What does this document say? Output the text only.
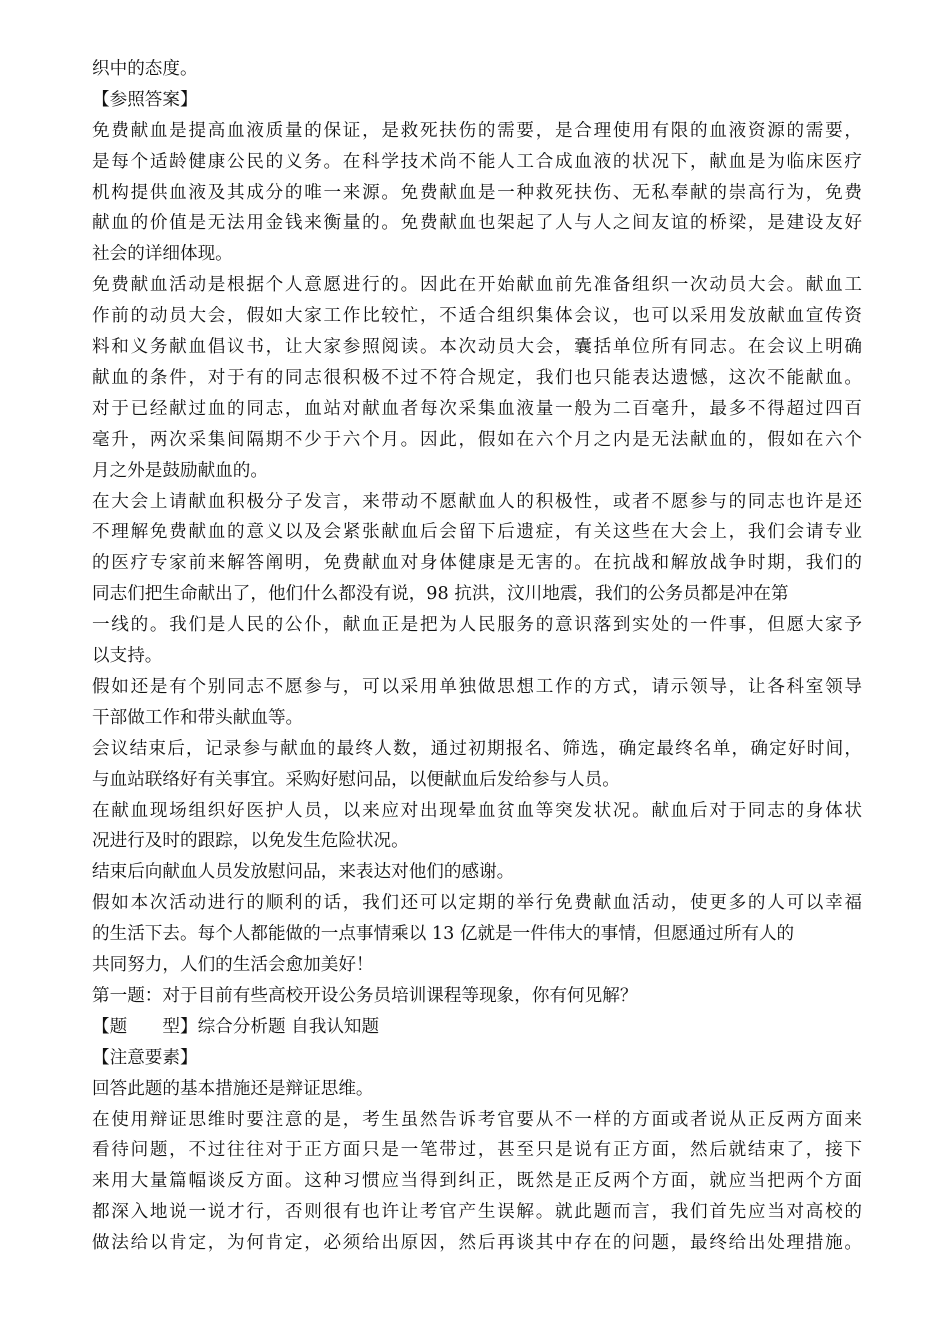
织中的态度。
【参照答案】
免费献血是提高血液质量的保证，是救死扶伤的需要，是合理使用有限的血液资源的需要，
是每个适龄健康公民的义务。在科学技术尚不能人工合成血液的状况下，献血是为临床医疗
机构提供血液及其成分的唯一来源。免费献血是一种救死扶伤、无私奉献的崇高行为，免费
献血的价值是无法用金钱来衡量的。免费献血也架起了人与人之间友谊的桥梁，是建设友好
社会的详细体现。
免费献血活动是根据个人意愿进行的。因此在开始献血前先准备组织一次动员大会。献血工
作前的动员大会，假如大家工作比较忙，不适合组织集体会议，也可以采用发放献血宣传资
料和义务献血倡议书，让大家参照阅读。本次动员大会，囊括单位所有同志。在会议上明确
献血的条件，对于有的同志很积极不过不符合规定，我们也只能表达遗憾，这次不能献血。
对于已经献过血的同志，血站对献血者每次采集血液量一般为二百毫升，最多不得超过四百
毫升，两次采集间隔期不少于六个月。因此，假如在六个月之内是无法献血的，假如在六个
月之外是鼓励献血的。
在大会上请献血积极分子发言，来带动不愿献血人的积极性，或者不愿参与的同志也许是还
不理解免费献血的意义以及会紧张献血后会留下后遗症，有关这些在大会上，我们会请专业
的医疗专家前来解答阐明，免费献血对身体健康是无害的。在抗战和解放战争时期，我们的
同志们把生命献出了，他们什么都没有说，98 抗洪，汶川地震，我们的公务员都是冲在第
一线的。我们是人民的公仆，献血正是把为人民服务的意识落到实处的一件事，但愿大家予
以支持。
假如还是有个别同志不愿参与，可以采用单独做思想工作的方式，请示领导，让各科室领导
干部做工作和带头献血等。
会议结束后，记录参与献血的最终人数，通过初期报名、筛选，确定最终名单，确定好时间，
与血站联络好有关事宜。采购好慰问品，以便献血后发给参与人员。
在献血现场组织好医护人员，以来应对出现晕血贫血等突发状况。献血后对于同志的身体状
况进行及时的跟踪，以免发生危险状况。
结束后向献血人员发放慰问品，来表达对他们的感谢。
假如本次活动进行的顺利的话，我们还可以定期的举行免费献血活动，使更多的人可以幸福
的生活下去。每个人都能做的一点事情乘以 13 亿就是一件伟大的事情，但愿通过所有人的
共同努力，人们的生活会愈加美好！
第一题：对于目前有些高校开设公务员培训课程等现象，你有何见解？
【题　　型】综合分析题 自我认知题
【注意要素】
回答此题的基本措施还是辩证思维。
在使用辩证思维时要注意的是，考生虽然告诉考官要从不一样的方面或者说从正反两方面来
看待问题，不过往往对于正方面只是一笔带过，甚至只是说有正方面，然后就结束了，接下
来用大量篇幅谈反方面。这种习惯应当得到纠正，既然是正反两个方面，就应当把两个方面
都深入地说一说才行，否则很有也许让考官产生误解。就此题而言，我们首先应当对高校的
做法给以肯定，为何肯定，必须给出原因，然后再谈其中存在的问题，最终给出处理措施。
